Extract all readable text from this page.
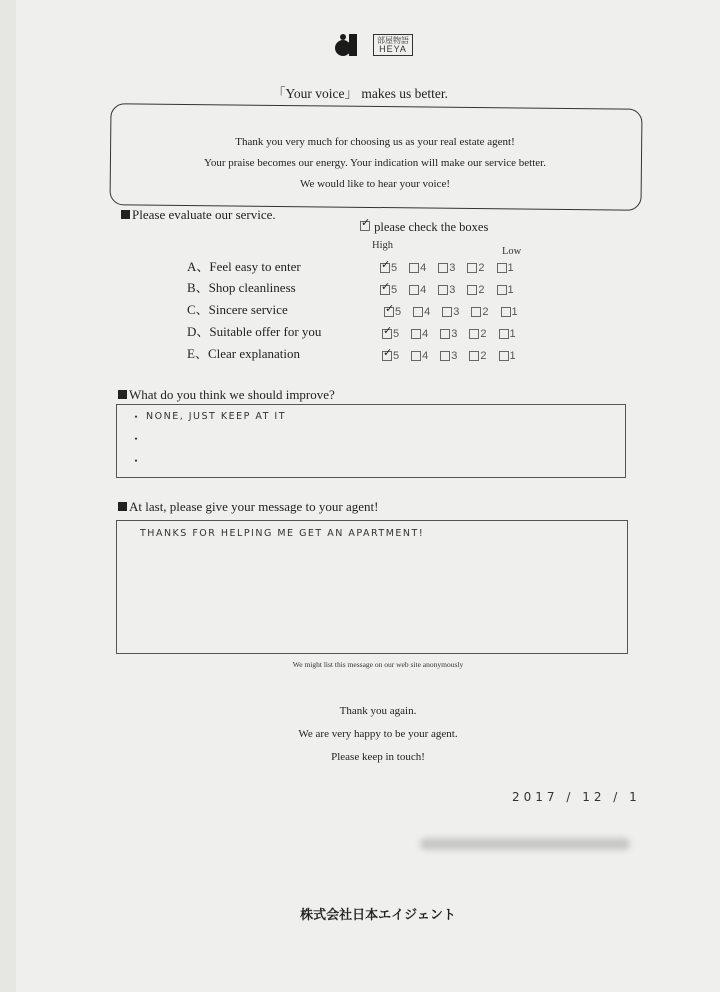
部屋物語
HEYA
「Your voice」 makes us better.
Thank you very much for choosing us as your real estate agent!
Your praise becomes our energy. Your indication will make our service better.
We would like to hear your voice!
Please evaluate our service.
✓ please check the boxes
High
Low
A、Feel easy to enter ✓	5 4 3 2 1
B、Shop cleanliness ✓	5 4 3 2 1
C、Sincere service ✓	5 4 3 2 1
D、Suitable offer for you ✓	5 4 3 2 1
E、Clear explanation ✓	5 4 3 2 1
What do you think we should improve?
・ NONE, JUST KEEP AT IT
・
・
At last, please give your message to your agent!
THANKS FOR HELPING ME GET AN APARTMENT!
We might list this message on our web site anonymously
Thank you again.
We are very happy to be your agent.
Please keep in touch!
2017 / 12 / 1
株式会社日本エイジェント
